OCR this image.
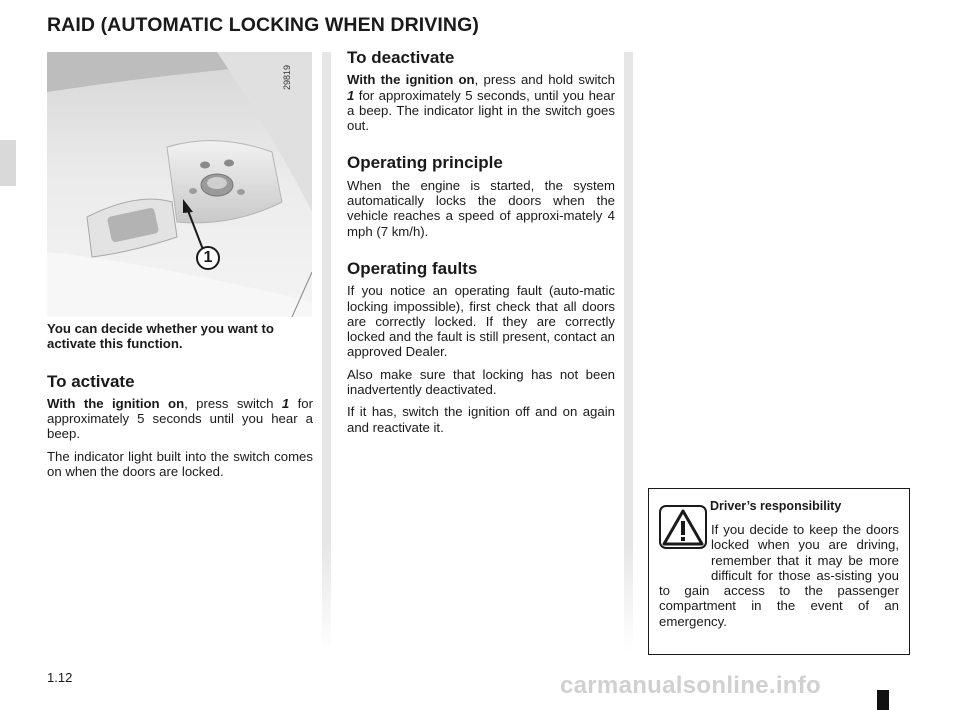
RAID (AUTOMATIC LOCKING WHEN DRIVING)
1
29819

You can decide whether you want to activate this function.

To activate

With the ignition on, press switch 1 for approximately 5 seconds until you hear a beep.

The indicator light built into the switch comes on when the doors are locked.

To deactivate

With the ignition on, press and hold switch 1 for approximately 5 seconds, until you hear a beep. The indicator light in the switch goes out.

Operating principle

When the engine is started, the system automatically locks the doors when the vehicle reaches a speed of approxi-mately 4 mph (7 km/h).

Operating faults

If you notice an operating fault (auto-matic locking impossible), first check that all doors are correctly locked. If they are correctly locked and the fault is still present, contact an approved Dealer.

Also make sure that locking has not been inadvertently deactivated.

If it has, switch the ignition off and on again and reactivate it.

Driver’s responsibility

If you decide to keep the doors locked when you are driving, remember that it may be more difficult for those as-sisting you to gain access to the passenger compartment in the event of an emergency.

1.12	carmanualsonline.info
